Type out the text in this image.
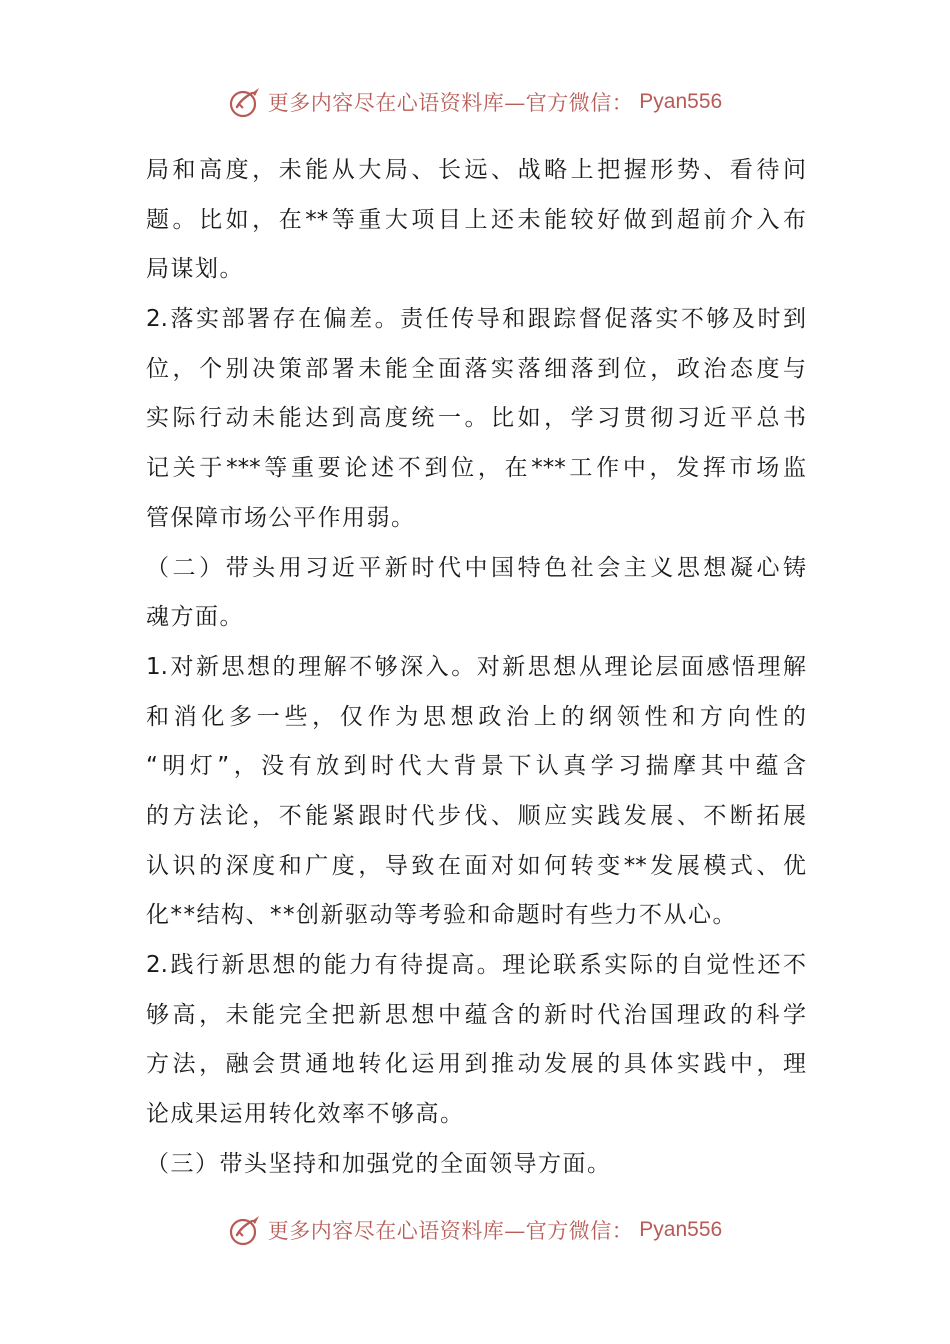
更多内容尽在心语资料库—官方微信： Pyan556
局和高度，未能从大局、长远、战略上把握形势、看待问
题。比如，在**等重大项目上还未能较好做到超前介入布
局谋划。
2.落实部署存在偏差。责任传导和跟踪督促落实不够及时到
位，个别决策部署未能全面落实落细落到位，政治态度与
实际行动未能达到高度统一。比如，学习贯彻习近平总书
记关于***等重要论述不到位，在***工作中，发挥市场监
管保障市场公平作用弱。
（二）带头用习近平新时代中国特色社会主义思想凝心铸
魂方面。
1.对新思想的理解不够深入。对新思想从理论层面感悟理解
和消化多一些，仅作为思想政治上的纲领性和方向性的
“明灯”，没有放到时代大背景下认真学习揣摩其中蕴含
的方法论，不能紧跟时代步伐、顺应实践发展、不断拓展
认识的深度和广度，导致在面对如何转变**发展模式、优
化**结构、**创新驱动等考验和命题时有些力不从心。
2.践行新思想的能力有待提高。理论联系实际的自觉性还不
够高，未能完全把新思想中蕴含的新时代治国理政的科学
方法，融会贯通地转化运用到推动发展的具体实践中，理
论成果运用转化效率不够高。
（三）带头坚持和加强党的全面领导方面。
更多内容尽在心语资料库—官方微信： Pyan556
